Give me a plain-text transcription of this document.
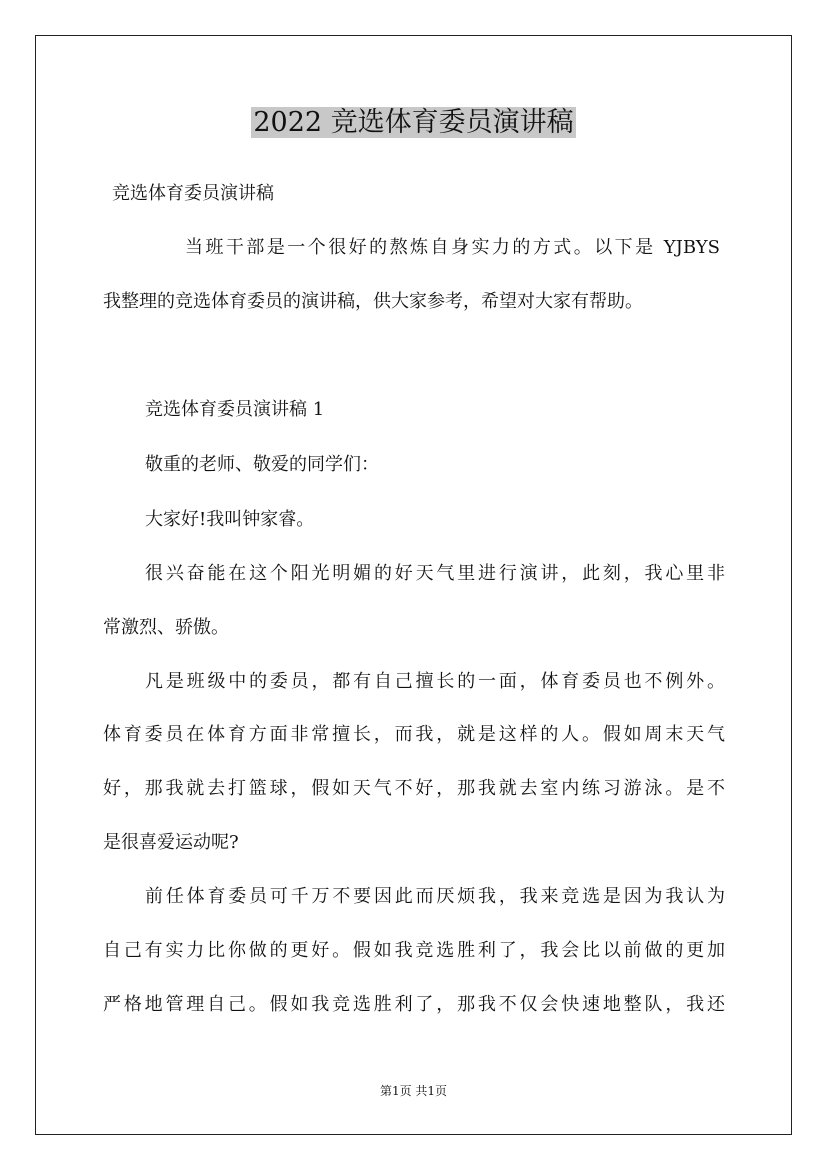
2022 竞选体育委员演讲稿
竞选体育委员演讲稿
当班干部是一个很好的熬炼自身实力的方式。以下是 YJBYS
我整理的竞选体育委员的演讲稿，供大家参考，希望对大家有帮助。
竞选体育委员演讲稿 1
敬重的老师、敬爱的同学们：
大家好!我叫钟家睿。
很兴奋能在这个阳光明媚的好天气里进行演讲，此刻，我心里非
常激烈、骄傲。
凡是班级中的委员，都有自己擅长的一面，体育委员也不例外。
体育委员在体育方面非常擅长，而我，就是这样的人。假如周末天气
好，那我就去打篮球，假如天气不好，那我就去室内练习游泳。是不
是很喜爱运动呢?
前任体育委员可千万不要因此而厌烦我，我来竞选是因为我认为
自己有实力比你做的更好。假如我竞选胜利了，我会比以前做的更加
严格地管理自己。假如我竞选胜利了，那我不仅会快速地整队，我还
第1页 共1页
